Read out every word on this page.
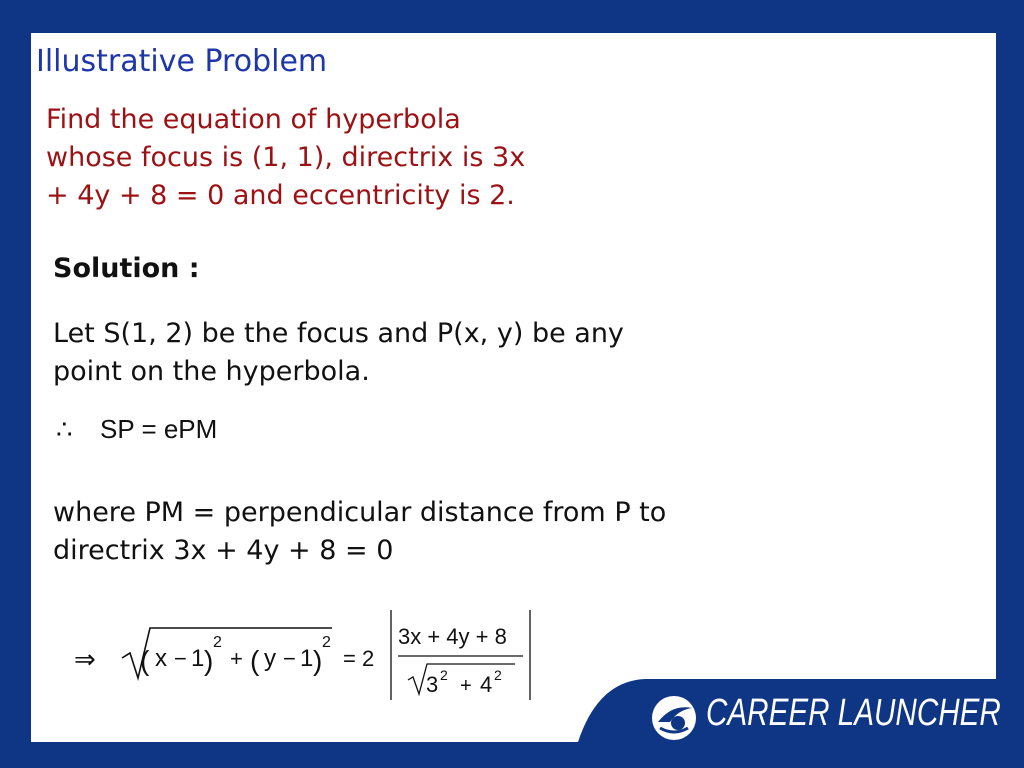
Illustrative Problem
Find the equation of hyperbola
whose focus is (1, 1), directrix is 3x
+ 4y + 8 = 0 and eccentricity is 2.
Solution :
Let S(1, 2) be the focus and P(x, y) be any
point on the hyperbola.
∴ SP = ePM
where PM = perpendicular distance from P to
directrix 3x + 4y + 8 = 0
⇒ ( x − 1 )
2
+ ( y − 1 )
2
= 2
3x + 4y + 8
3 2 + 4 2
CAREER LAUNCHER
